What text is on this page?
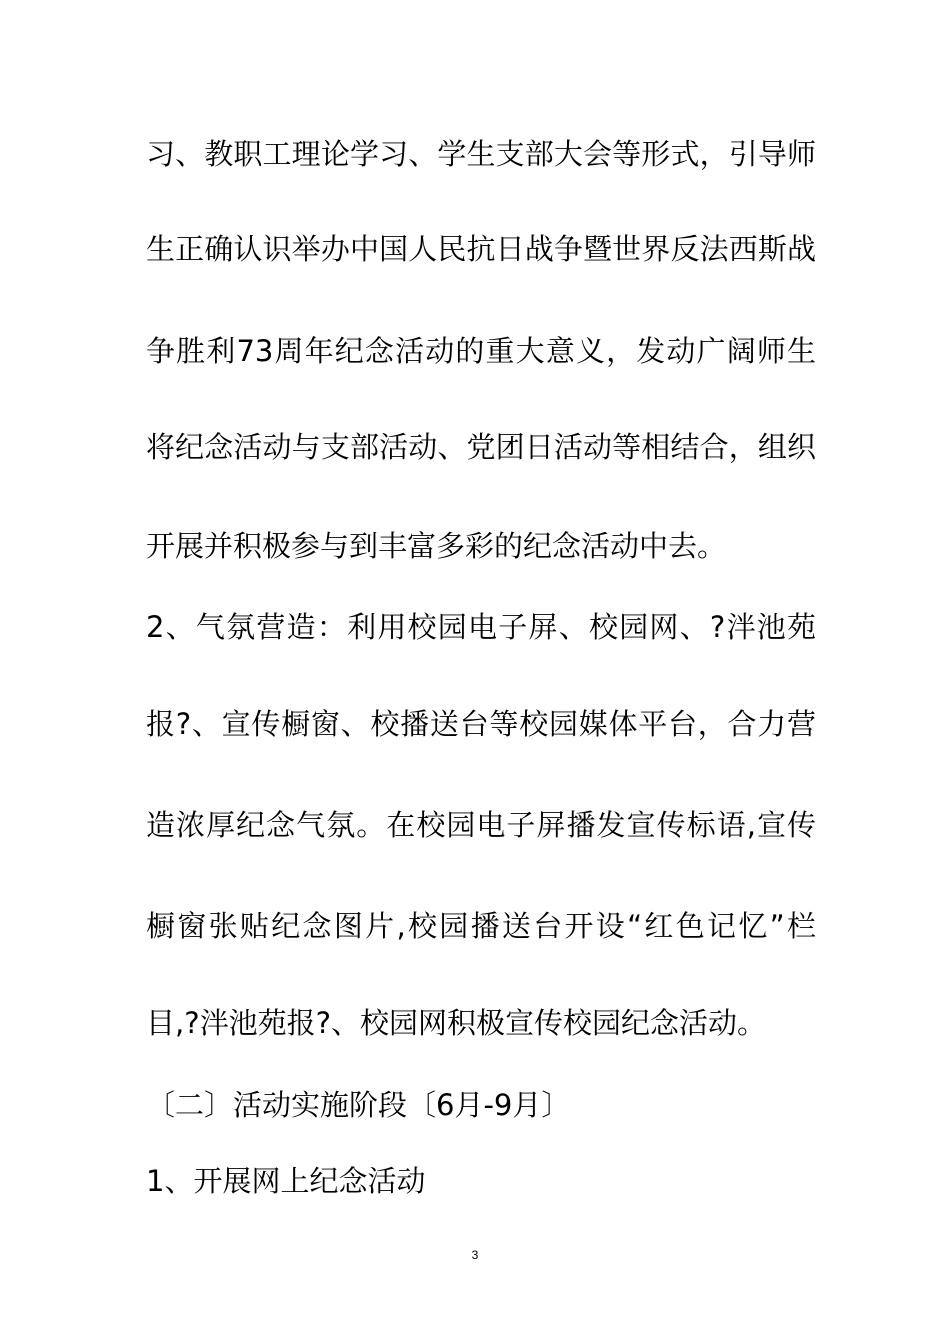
习、教职工理论学习、学生支部大会等形式，引导师
生正确认识举办中国人民抗日战争暨世界反法西斯战
争胜利73周年纪念活动的重大意义，发动广阔师生
将纪念活动与支部活动、党团日活动等相结合，组织
开展并积极参与到丰富多彩的纪念活动中去。
2、气氛营造：利用校园电子屏、校园网、?泮池苑
报?、宣传橱窗、校播送台等校园媒体平台，合力营
造浓厚纪念气氛。在校园电子屏播发宣传标语,宣传
橱窗张贴纪念图片,校园播送台开设“红色记忆”栏
目,?泮池苑报?、校园网积极宣传校园纪念活动。
〔二〕活动实施阶段〔6月-9月〕
1、开展网上纪念活动
3
